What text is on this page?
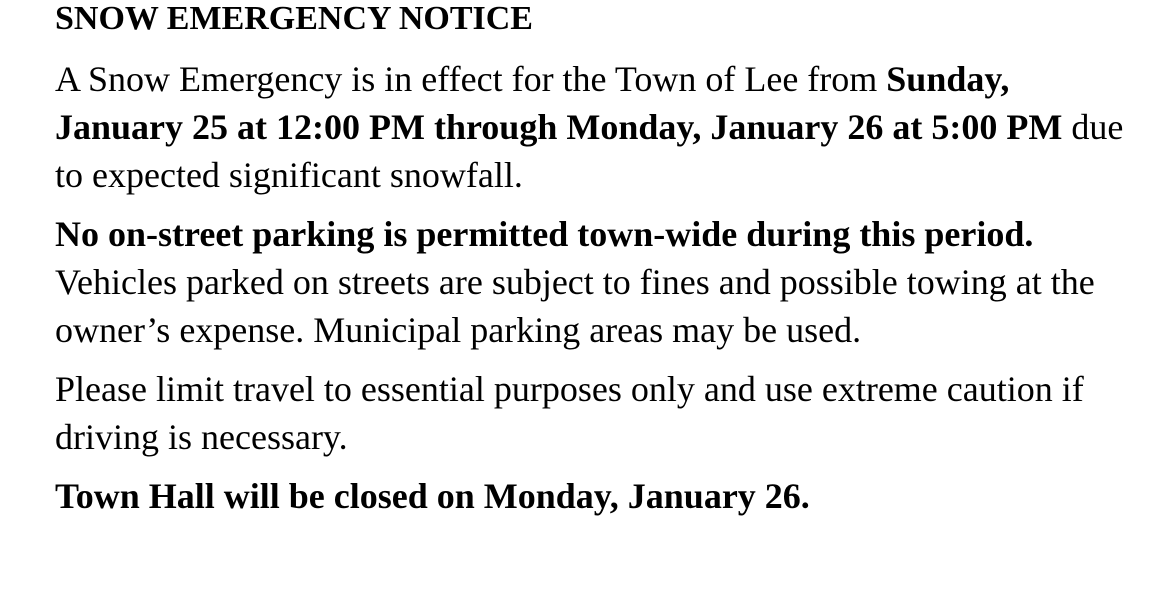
SNOW EMERGENCY NOTICE

A Snow Emergency is in effect for the Town of Lee from Sunday, January 25 at 12:00 PM through Monday, January 26 at 5:00 PM due to expected significant snowfall.

No on-street parking is permitted town-wide during this period. Vehicles parked on streets are subject to fines and possible towing at the owner’s expense. Municipal parking areas may be used.

Please limit travel to essential purposes only and use extreme caution if driving is necessary.

Town Hall will be closed on Monday, January 26.
